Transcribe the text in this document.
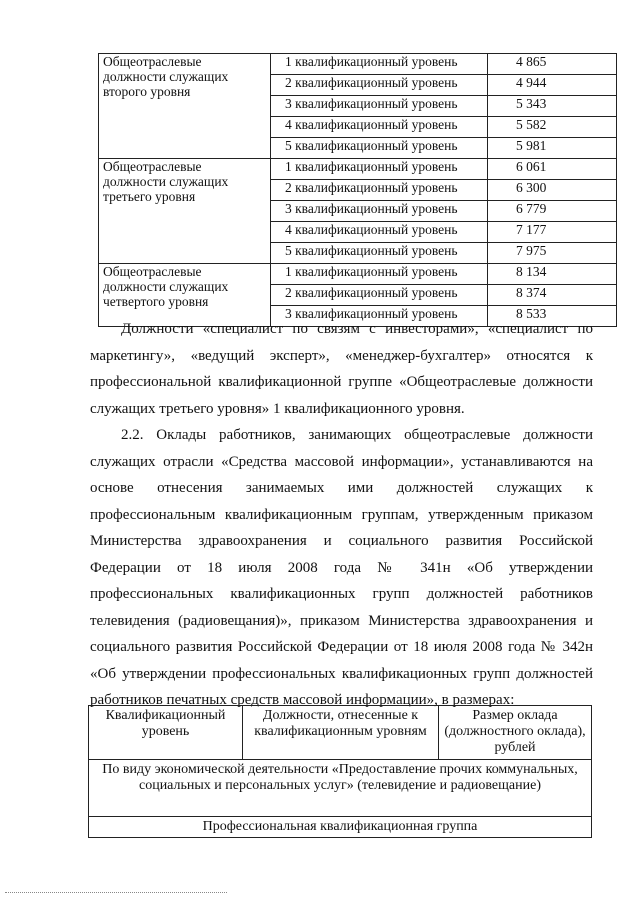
Общеотраслевые должности служащих второго уровня	1 квалификационный уровень	4 865
	2 квалификационный уровень	4 944
	3 квалификационный уровень	5 343
	4 квалификационный уровень	5 582
	5 квалификационный уровень	5 981
Общеотраслевые должности служащих третьего уровня	1 квалификационный уровень	6 061
	2 квалификационный уровень	6 300
	3 квалификационный уровень	6 779
	4 квалификационный уровень	7 177
	5 квалификационный уровень	7 975
Общеотраслевые должности служащих четвертого уровня	1 квалификационный уровень	8 134
	2 квалификационный уровень	8 374
	3 квалификационный уровень	8 533
Должности «специалист по связям с инвесторами», «специалист по маркетингу», «ведущий эксперт», «менеджер-бухгалтер» относятся к профессиональной квалификационной группе «Общеотраслевые должности служащих третьего уровня» 1 квалификационного уровня.
2.2. Оклады работников, занимающих общеотраслевые должности служащих отрасли «Средства массовой информации», устанавливаются на основе отнесения занимаемых ими должностей служащих к профессиональным квалификационным группам, утвержденным приказом Министерства здравоохранения и социального развития Российской Федерации от 18 июля 2008 года № 341н «Об утверждении профессиональных квалификационных групп должностей работников телевидения (радиовещания)», приказом Министерства здравоохранения и социального развития Российской Федерации от 18 июля 2008 года № 342н «Об утверждении профессиональных квалификационных групп должностей работников печатных средств массовой информации», в размерах:
Квалификационный уровень	Должности, отнесенные к квалификационным уровням	Размер оклада (должностного оклада), рублей
По виду экономической деятельности «Предоставление прочих коммунальных, социальных и персональных услуг» (телевидение и радиовещание)
Профессиональная квалификационная группа
